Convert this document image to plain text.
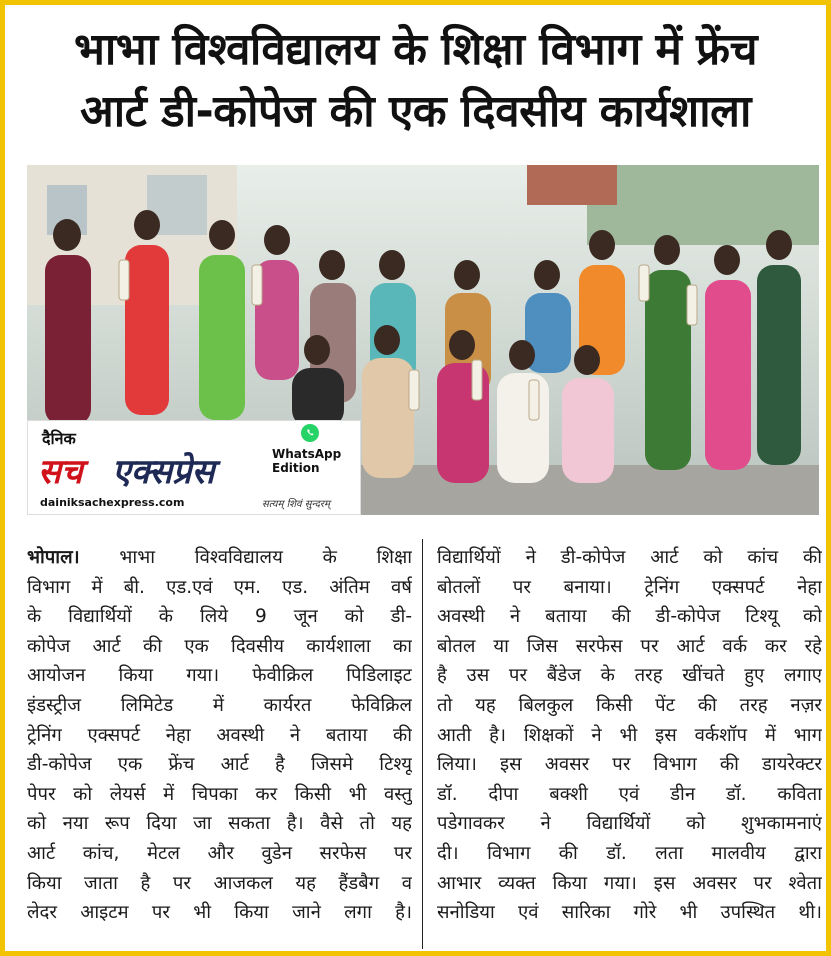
भाभा विश्वविद्यालय के शिक्षा विभाग में फ्रेंच
आर्ट डी-कोपेज की एक दिवसीय कार्यशाला
दैनिक
WhatsApp Edition
सच एक्सप्रेस
dainiksachexpress.com	सत्यम् शिवं सुन्दरम्
भोपाल। भाभा विश्वविद्यालय के शिक्षा
विभाग में बी. एड.एवं एम. एड. अंतिम वर्ष
के विद्यार्थियों के लिये 9 जून को डी-
कोपेज आर्ट की एक दिवसीय कार्यशाला का
आयोजन किया गया। फेवीक्रिल पिडिलाइट
इंडस्ट्रीज लिमिटेड में कार्यरत फेविक्रिल
ट्रेनिंग एक्सपर्ट नेहा अवस्थी ने बताया की
डी-कोपेज एक फ्रेंच आर्ट है जिसमे टिश्यू
पेपर को लेयर्स में चिपका कर किसी भी वस्तु
को नया रूप दिया जा सकता है। वैसे तो यह
आर्ट कांच, मेटल और वुडेन सरफेस पर
किया जाता है पर आजकल यह हैंडबैग व
लेदर आइटम पर भी किया जाने लगा है।
विद्यार्थियों ने डी-कोपेज आर्ट को कांच की
बोतलों पर बनाया। ट्रेनिंग एक्सपर्ट नेहा
अवस्थी ने बताया की डी-कोपेज टिश्यू को
बोतल या जिस सरफेस पर आर्ट वर्क कर रहे
है उस पर बैंडेज के तरह खींचते हुए लगाए
तो यह बिलकुल किसी पेंट की तरह नज़र
आती है। शिक्षकों ने भी इस वर्कशॉप में भाग
लिया। इस अवसर पर विभाग की डायरेक्टर
डॉ. दीपा बक्शी एवं डीन डॉ. कविता
पडेगावकर ने विद्यार्थियों को शुभकामनाएं
दी। विभाग की डॉ. लता मालवीय द्वारा
आभार व्यक्त किया गया। इस अवसर पर श्वेता
सनोडिया एवं सारिका गोरे भी उपस्थित थी।
